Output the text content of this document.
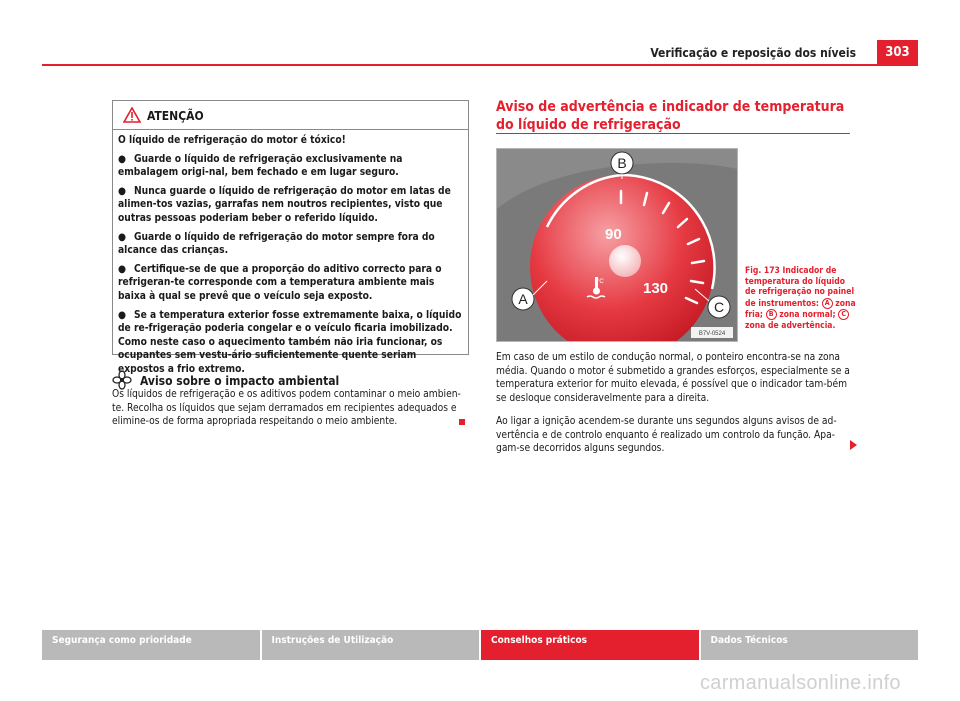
Verificação e reposição dos níveis	303
ATENÇÃO

O líquido de refrigeração do motor é tóxico!

● Guarde o líquido de refrigeração exclusivamente na embalagem origi-nal, bem fechado e em lugar seguro.

● Nunca guarde o líquido de refrigeração do motor em latas de alimen-tos vazias, garrafas nem noutros recipientes, visto que outras pessoas poderiam beber o referido líquido.

● Guarde o líquido de refrigeração do motor sempre fora do alcance das crianças.

● Certifique-se de que a proporção do aditivo correcto para o refrigeran-te corresponde com a temperatura ambiente mais baixa à qual se prevê que o veículo seja exposto.

● Se a temperatura exterior fosse extremamente baixa, o líquido de re-frigeração poderia congelar e o veículo ficaria imobilizado. Como neste caso o aquecimento também não iria funcionar, os ocupantes sem vestu-ário suficientemente quente seriam expostos a frio extremo.

Aviso sobre o impacto ambiental
Os líquidos de refrigeração e os aditivos podem contaminar o meio ambien-te. Recolha os líquidos que sejam derramados em recipientes adequados e elimine-os de forma apropriada respeitando o meio ambiente.
Aviso de advertência e indicador de temperatura do líquido de refrigeração
90
130
°C
B
A	C
B7V-0524
Fig. 173 Indicador de temperatura do líquido de refrigeração no painel de instrumentos: A zona fria; B zona normal; C zona de advertência.
Em caso de um estilo de condução normal, o ponteiro encontra-se na zona média. Quando o motor é submetido a grandes esforços, especialmente se a temperatura exterior for muito elevada, é possível que o indicador tam-bém se desloque consideravelmente para a direita.
Ao ligar a ignição acendem-se durante uns segundos alguns avisos de ad-vertência e de controlo enquanto é realizado um controlo da função. Apa-gam-se decorridos alguns segundos.
Segurança como prioridade	Instruções de Utilização	Conselhos práticos	Dados Técnicos
carmanualsonline.info
